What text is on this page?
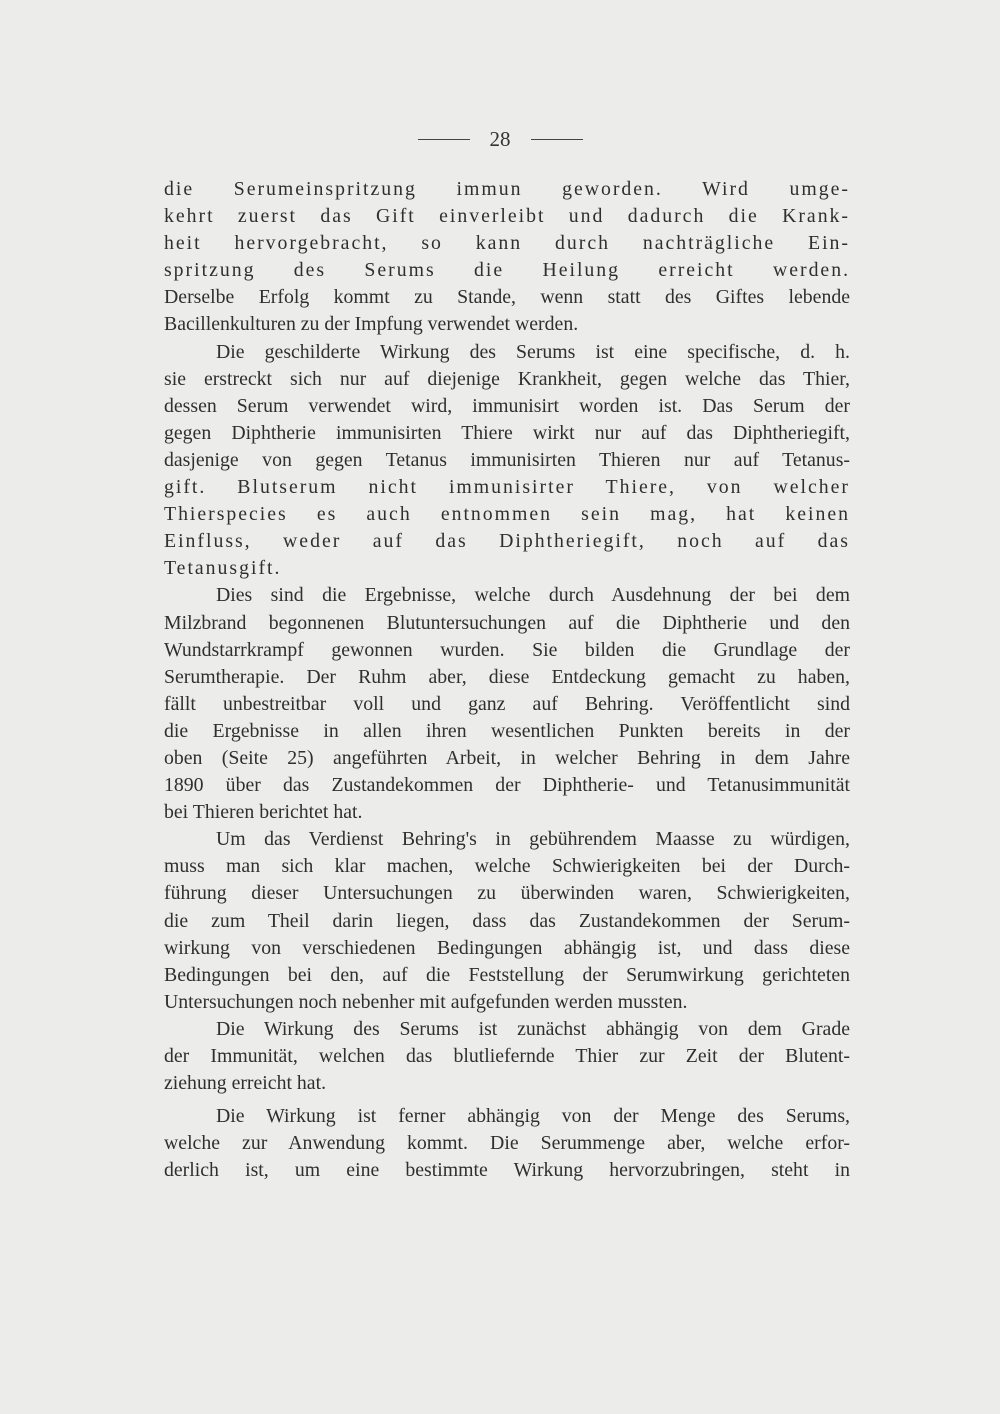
28
die Serumeinspritzung immun geworden. Wird umge-
kehrt zuerst das Gift einverleibt und dadurch die Krank-
heit hervorgebracht, so kann durch nachträgliche Ein-
spritzung des Serums die Heilung erreicht werden.
Derselbe Erfolg kommt zu Stande, wenn statt des Giftes lebende
Bacillenkulturen zu der Impfung verwendet werden.
Die geschilderte Wirkung des Serums ist eine specifische, d. h.
sie erstreckt sich nur auf diejenige Krankheit, gegen welche das Thier,
dessen Serum verwendet wird, immunisirt worden ist. Das Serum der
gegen Diphtherie immunisirten Thiere wirkt nur auf das Diphtheriegift,
dasjenige von gegen Tetanus immunisirten Thieren nur auf Tetanus-
gift. Blutserum nicht immunisirter Thiere, von welcher
Thierspecies es auch entnommen sein mag, hat keinen
Einfluss, weder auf das Diphtheriegift, noch auf das
Tetanusgift.
Dies sind die Ergebnisse, welche durch Ausdehnung der bei dem
Milzbrand begonnenen Blutuntersuchungen auf die Diphtherie und den
Wundstarrkrampf gewonnen wurden. Sie bilden die Grundlage der
Serumtherapie. Der Ruhm aber, diese Entdeckung gemacht zu haben,
fällt unbestreitbar voll und ganz auf Behring. Veröffentlicht sind
die Ergebnisse in allen ihren wesentlichen Punkten bereits in der
oben (Seite 25) angeführten Arbeit, in welcher Behring in dem Jahre
1890 über das Zustandekommen der Diphtherie- und Tetanusimmunität
bei Thieren berichtet hat.
Um das Verdienst Behring's in gebührendem Maasse zu würdigen,
muss man sich klar machen, welche Schwierigkeiten bei der Durch-
führung dieser Untersuchungen zu überwinden waren, Schwierigkeiten,
die zum Theil darin liegen, dass das Zustandekommen der Serum-
wirkung von verschiedenen Bedingungen abhängig ist, und dass diese
Bedingungen bei den, auf die Feststellung der Serumwirkung gerichteten
Untersuchungen noch nebenher mit aufgefunden werden mussten.
Die Wirkung des Serums ist zunächst abhängig von dem Grade
der Immunität, welchen das blutliefernde Thier zur Zeit der Blutent-
ziehung erreicht hat.
Die Wirkung ist ferner abhängig von der Menge des Serums,
welche zur Anwendung kommt. Die Serummenge aber, welche erfor-
derlich ist, um eine bestimmte Wirkung hervorzubringen, steht in
